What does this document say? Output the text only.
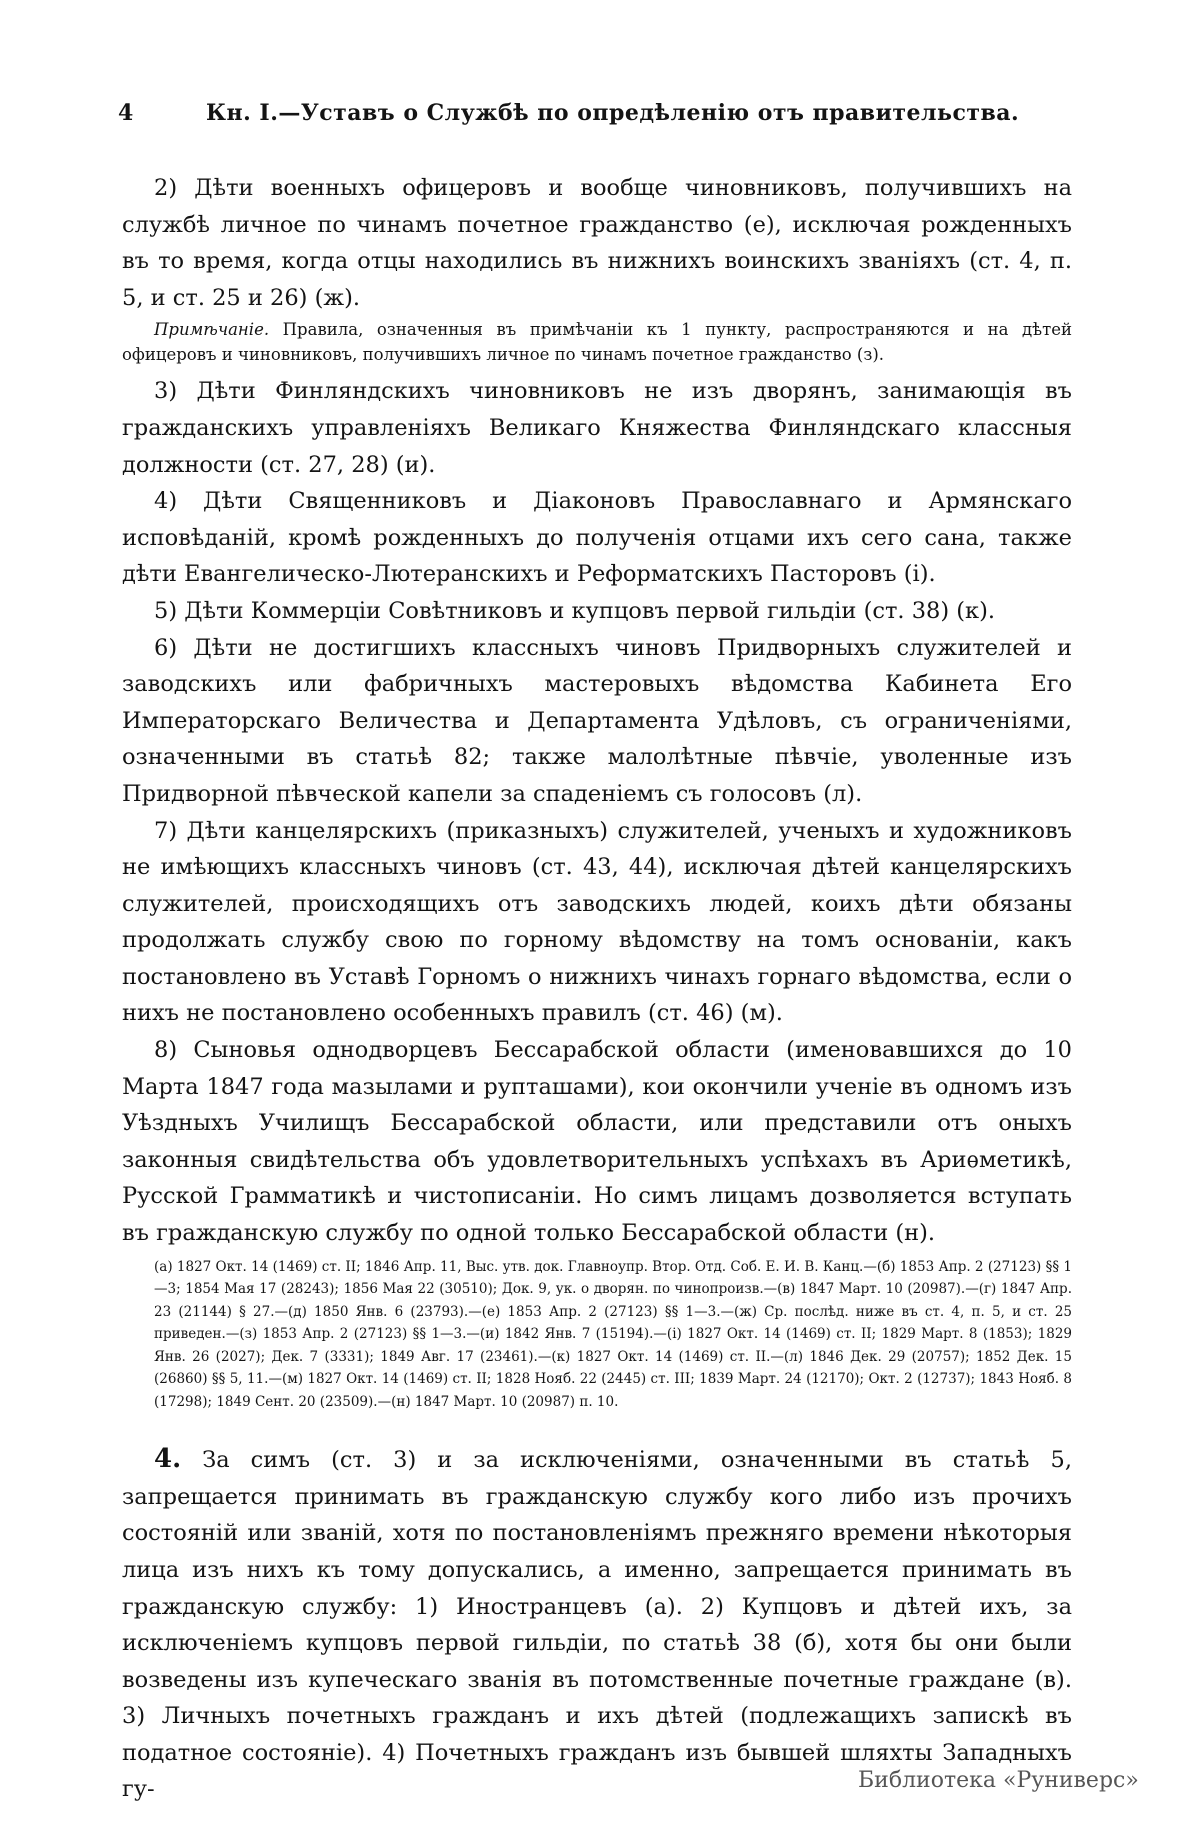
4	Кн. I.—Уставъ о Службѣ по опредѣленію отъ правительства.

2) Дѣти военныхъ офицеровъ и вообще чиновниковъ, получившихъ на службѣ личное по чинамъ почетное гражданство (е), исключая рожденныхъ въ то время, когда отцы находились въ нижнихъ воинскихъ званіяхъ (ст. 4, п. 5, и ст. 25 и 26) (ж).

Примѣчаніе. Правила, означенныя въ примѣчаніи къ 1 пункту, распространяются и на дѣтей офицеровъ и чиновниковъ, получившихъ личное по чинамъ почетное гражданство (з).

3) Дѣти Финляндскихъ чиновниковъ не изъ дворянъ, занимающія въ гражданскихъ управленіяхъ Великаго Княжества Финляндскаго классныя должности (ст. 27, 28) (и).

4) Дѣти Священниковъ и Діаконовъ Православнаго и Армянскаго исповѣданій, кромѣ рожденныхъ до полученія отцами ихъ сего сана, также дѣти Евангелическо-Лютеранскихъ и Реформатскихъ Пасторовъ (і).

5) Дѣти Коммерціи Совѣтниковъ и купцовъ первой гильдіи (ст. 38) (к).

6) Дѣти не достигшихъ классныхъ чиновъ Придворныхъ служителей и заводскихъ или фабричныхъ мастеровыхъ вѣдомства Кабинета Его Императорскаго Величества и Департамента Удѣловъ, съ ограниченіями, означенными въ статьѣ 82; также малолѣтные пѣвчіе, уволенные изъ Придворной пѣвческой капели за спаденіемъ съ голосовъ (л).

7) Дѣти канцелярскихъ (приказныхъ) служителей, ученыхъ и художниковъ не имѣющихъ классныхъ чиновъ (ст. 43, 44), исключая дѣтей канцелярскихъ служителей, происходящихъ отъ заводскихъ людей, коихъ дѣти обязаны продолжать службу свою по горному вѣдомству на томъ основаніи, какъ постановлено въ Уставѣ Горномъ о нижнихъ чинахъ горнаго вѣдомства, если о нихъ не постановлено особенныхъ правилъ (ст. 46) (м).

8) Сыновья однодворцевъ Бессарабской области (именовавшихся до 10 Марта 1847 года мазылами и рупташами), кои окончили ученіе въ одномъ изъ Уѣздныхъ Училищъ Бессарабской области, или представили отъ оныхъ законныя свидѣтельства объ удовлетворительныхъ успѣхахъ въ Ариѳметикѣ, Русской Грамматикѣ и чистописаніи. Но симъ лицамъ дозволяется вступать въ гражданскую службу по одной только Бессарабской области (н).

(а) 1827 Окт. 14 (1469) ст. II; 1846 Апр. 11, Выс. утв. док. Главноупр. Втор. Отд. Соб. Е. И. В. Канц.—(б) 1853 Апр. 2 (27123) §§ 1—3; 1854 Мая 17 (28243); 1856 Мая 22 (30510); Док. 9, ук. о дворян. по чинопроизв.—(в) 1847 Март. 10 (20987).—(г) 1847 Апр. 23 (21144) § 27.—(д) 1850 Янв. 6 (23793).—(е) 1853 Апр. 2 (27123) §§ 1—3.—(ж) Ср. послѣд. ниже въ ст. 4, п. 5, и ст. 25 приведен.—(з) 1853 Апр. 2 (27123) §§ 1—3.—(и) 1842 Янв. 7 (15194).—(і) 1827 Окт. 14 (1469) ст. II; 1829 Март. 8 (1853); 1829 Янв. 26 (2027); Дек. 7 (3331); 1849 Авг. 17 (23461).—(к) 1827 Окт. 14 (1469) ст. II.—(л) 1846 Дек. 29 (20757); 1852 Дек. 15 (26860) §§ 5, 11.—(м) 1827 Окт. 14 (1469) ст. II; 1828 Нояб. 22 (2445) ст. III; 1839 Март. 24 (12170); Окт. 2 (12737); 1843 Нояб. 8 (17298); 1849 Сент. 20 (23509).—(н) 1847 Март. 10 (20987) п. 10.

4. За симъ (ст. 3) и за исключеніями, означенными въ статьѣ 5, запрещается принимать въ гражданскую службу кого либо изъ прочихъ состояній или званій, хотя по постановленіямъ прежняго времени нѣкоторыя лица изъ нихъ къ тому допускались, а именно, запрещается принимать въ гражданскую службу: 1) Иностранцевъ (а). 2) Купцовъ и дѣтей ихъ, за исключеніемъ купцовъ первой гильдіи, по статьѣ 38 (б), хотя бы они были возведены изъ купеческаго званія въ потомственные почетные граждане (в). 3) Личныхъ почетныхъ гражданъ и ихъ дѣтей (подлежащихъ запискѣ въ податное состояніе). 4) Почетныхъ гражданъ изъ бывшей шляхты Западныхъ гу-	Библиотека «Руниверс»
